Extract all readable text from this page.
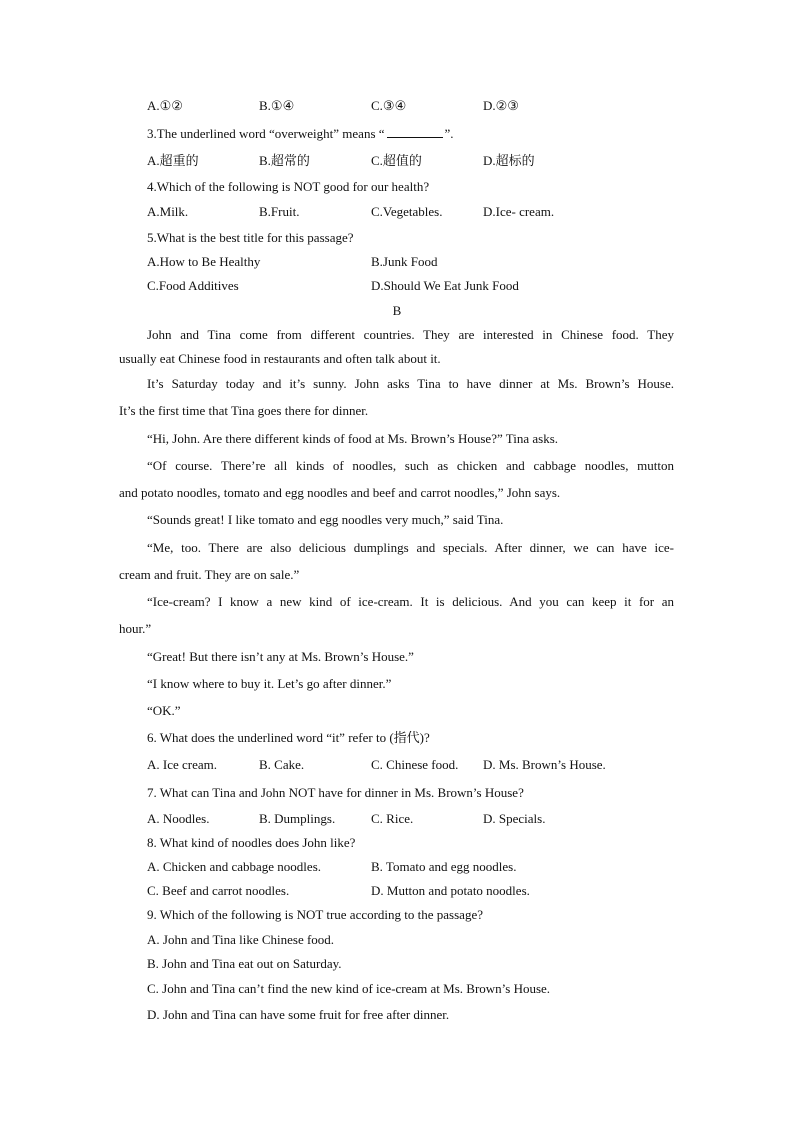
A.①②	B.①④	C.③④	D.②③
3.The underlined word “overweight” means “	”.
A.超重的	B.超常的	C.超值的	D.超标的
4.Which of the following is NOT good for our health?
A.Milk.	B.Fruit.	C.Vegetables.	D.Ice- cream.
5.What is the best title for this passage?
A.How to Be Healthy	B.Junk Food
C.Food Additives	D.Should We Eat Junk Food
B
John and Tina come from different countries. They are interested in Chinese food. They
usually eat Chinese food in restaurants and often talk about it.
It’s Saturday today and it’s sunny. John asks Tina to have dinner at Ms. Brown’s House.
It’s the first time that Tina goes there for dinner.
“Hi, John. Are there different kinds of food at Ms. Brown’s House?” Tina asks.
“Of course. There’re all kinds of noodles, such as chicken and cabbage noodles, mutton
and potato noodles, tomato and egg noodles and beef and carrot noodles,” John says.
“Sounds great! I like tomato and egg noodles very much,” said Tina.
“Me, too. There are also delicious dumplings and specials. After dinner, we can have ice-
cream and fruit. They are on sale.”
“Ice-cream? I know a new kind of ice-cream. It is delicious. And you can keep it for an
hour.”
“Great! But there isn’t any at Ms. Brown’s House.”
“I know where to buy it. Let’s go after dinner.”
“OK.”
6. What does the underlined word “it” refer to (指代)?
A. Ice cream.	B. Cake.	C. Chinese food. D. Ms. Brown’s House.
7. What can Tina and John NOT have for dinner in Ms. Brown’s House?
A. Noodles.	B. Dumplings.	C. Rice.	D. Specials.
8. What kind of noodles does John like?
A. Chicken and cabbage noodles.	B. Tomato and egg noodles.
C. Beef and carrot noodles.	D. Mutton and potato noodles.
9. Which of the following is NOT true according to the passage?
A. John and Tina like Chinese food.
B. John and Tina eat out on Saturday.
C. John and Tina can’t find the new kind of ice-cream at Ms. Brown’s House.
D. John and Tina can have some fruit for free after dinner.
